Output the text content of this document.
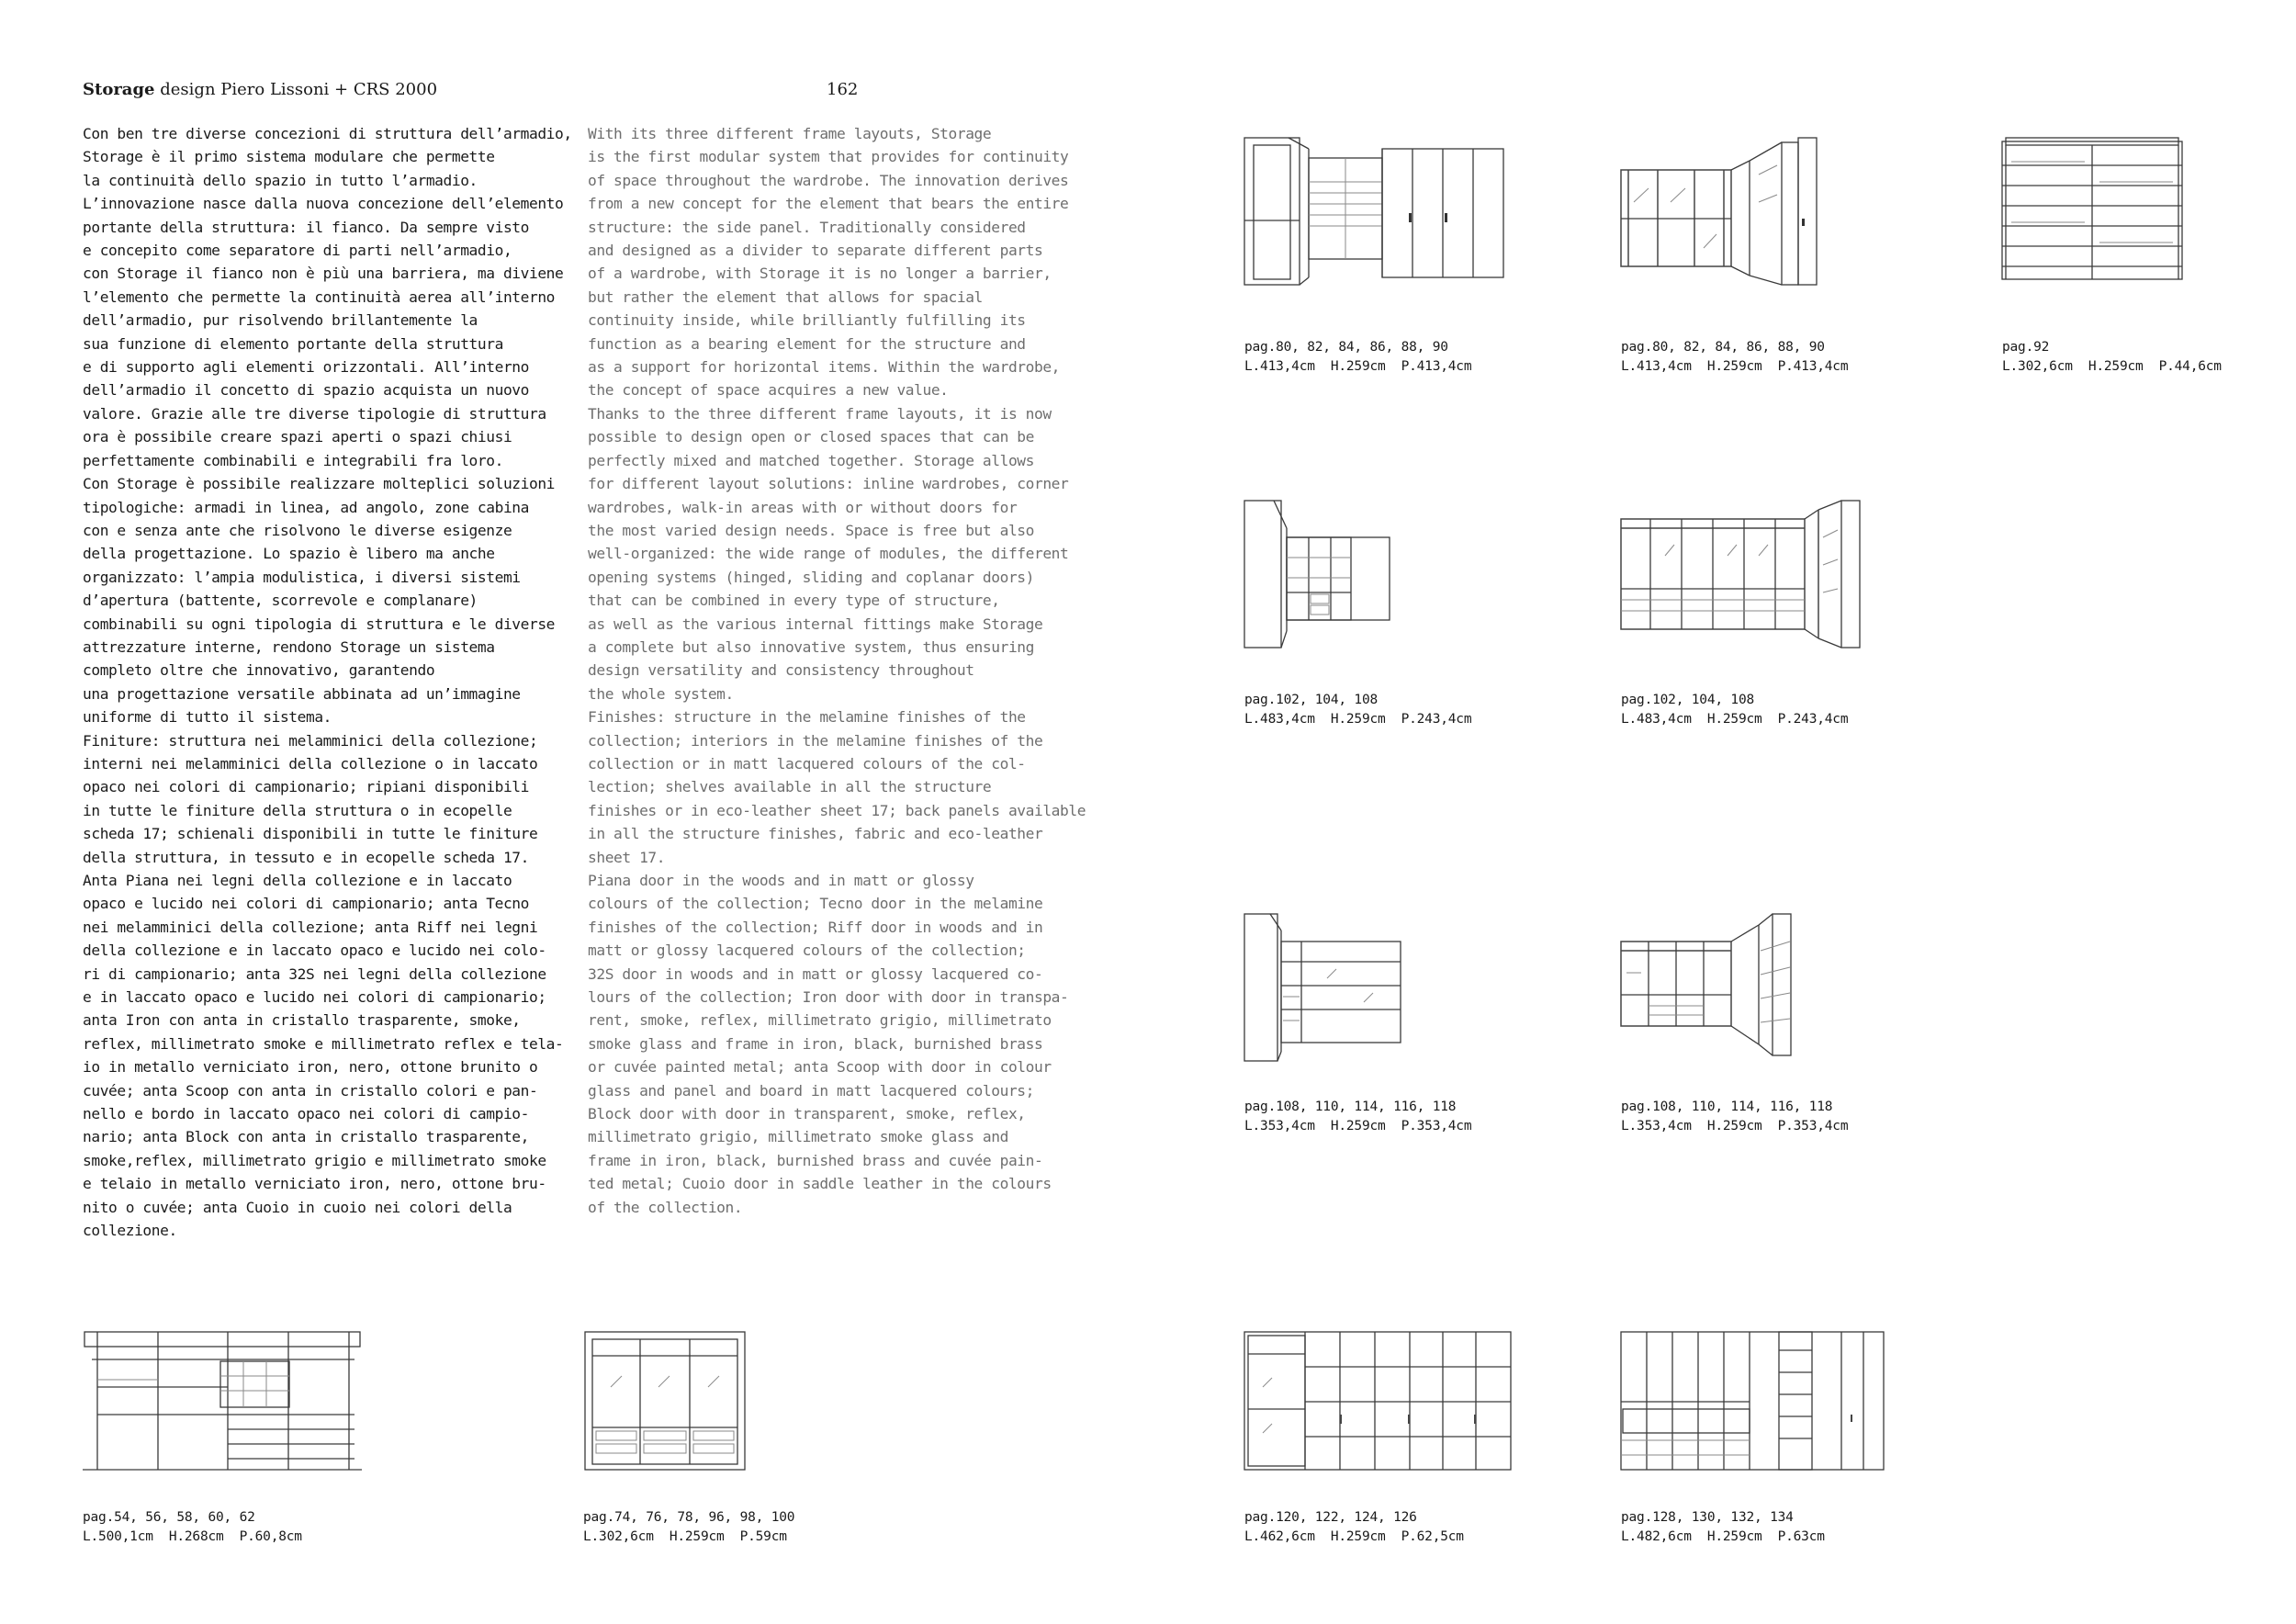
Storage design Piero Lissoni + CRS 2000	162
Con ben tre diverse concezioni di struttura dell’armadio,
Storage è il primo sistema modulare che permette
la continuità dello spazio in tutto l’armadio.
L’innovazione nasce dalla nuova concezione dell’elemento
portante della struttura: il fianco. Da sempre visto
e concepito come separatore di parti nell’armadio,
con Storage il fianco non è più una barriera, ma diviene
l’elemento che permette la continuità aerea all’interno
dell’armadio, pur risolvendo brillantemente la
sua funzione di elemento portante della struttura
e di supporto agli elementi orizzontali. All’interno
dell’armadio il concetto di spazio acquista un nuovo
valore. Grazie alle tre diverse tipologie di struttura
ora è possibile creare spazi aperti o spazi chiusi
perfettamente combinabili e integrabili fra loro.
Con Storage è possibile realizzare molteplici soluzioni
tipologiche: armadi in linea, ad angolo, zone cabina
con e senza ante che risolvono le diverse esigenze
della progettazione. Lo spazio è libero ma anche
organizzato: l’ampia modulistica, i diversi sistemi
d’apertura (battente, scorrevole e complanare)
combinabili su ogni tipologia di struttura e le diverse
attrezzature interne, rendono Storage un sistema
completo oltre che innovativo, garantendo
una progettazione versatile abbinata ad un’immagine
uniforme di tutto il sistema.
Finiture: struttura nei melamminici della collezione;
interni nei melamminici della collezione o in laccato
opaco nei colori di campionario; ripiani disponibili
in tutte le finiture della struttura o in ecopelle
scheda 17; schienali disponibili in tutte le finiture
della struttura, in tessuto e in ecopelle scheda 17.
Anta Piana nei legni della collezione e in laccato
opaco e lucido nei colori di campionario; anta Tecno
nei melamminici della collezione; anta Riff nei legni
della collezione e in laccato opaco e lucido nei colo-
ri di campionario; anta 32S nei legni della collezione
e in laccato opaco e lucido nei colori di campionario;
anta Iron con anta in cristallo trasparente, smoke,
reflex, millimetrato smoke e millimetrato reflex e tela-
io in metallo verniciato iron, nero, ottone brunito o
cuvée; anta Scoop con anta in cristallo colori e pan-
nello e bordo in laccato opaco nei colori di campio-
nario; anta Block con anta in cristallo trasparente,
smoke,reflex, millimetrato grigio e millimetrato smoke
e telaio in metallo verniciato iron, nero, ottone bru-
nito o cuvée; anta Cuoio in cuoio nei colori della
collezione.
With its three different frame layouts, Storage
is the first modular system that provides for continuity
of space throughout the wardrobe. The innovation derives
from a new concept for the element that bears the entire
structure: the side panel. Traditionally considered
and designed as a divider to separate different parts
of a wardrobe, with Storage it is no longer a barrier,
but rather the element that allows for spacial
continuity inside, while brilliantly fulfilling its
function as a bearing element for the structure and
as a support for horizontal items. Within the wardrobe,
the concept of space acquires a new value.
Thanks to the three different frame layouts, it is now
possible to design open or closed spaces that can be
perfectly mixed and matched together. Storage allows
for different layout solutions: inline wardrobes, corner
wardrobes, walk-in areas with or without doors for
the most varied design needs. Space is free but also
well-organized: the wide range of modules, the different
opening systems (hinged, sliding and coplanar doors)
that can be combined in every type of structure,
as well as the various internal fittings make Storage
a complete but also innovative system, thus ensuring
design versatility and consistency throughout
the whole system.
Finishes: structure in the melamine finishes of the
collection; interiors in the melamine finishes of the
collection or in matt lacquered colours of the col-
lection; shelves available in all the structure
finishes or in eco-leather sheet 17; back panels available
in all the structure finishes, fabric and eco-leather
sheet 17.
Piana door in the woods and in matt or glossy
colours of the collection; Tecno door in the melamine
finishes of the collection; Riff door in woods and in
matt or glossy lacquered colours of the collection;
32S door in woods and in matt or glossy lacquered co-
lours of the collection; Iron door with door in transpa-
rent, smoke, reflex, millimetrato grigio, millimetrato
smoke glass and frame in iron, black, burnished brass
or cuvée painted metal; anta Scoop with door in colour
glass and panel and board in matt lacquered colours;
Block door with door in transparent, smoke, reflex,
millimetrato grigio, millimetrato smoke glass and
frame in iron, black, burnished brass and cuvée pain-
ted metal; Cuoio door in saddle leather in the colours
of the collection.
pag.80, 82, 84, 86, 88, 90
L.413,4cm  H.259cm  P.413,4cm
pag.80, 82, 84, 86, 88, 90
L.413,4cm  H.259cm  P.413,4cm
pag.92
L.302,6cm  H.259cm  P.44,6cm
pag.102, 104, 108
L.483,4cm  H.259cm  P.243,4cm
pag.102, 104, 108
L.483,4cm  H.259cm  P.243,4cm
pag.108, 110, 114, 116, 118
L.353,4cm  H.259cm  P.353,4cm
pag.108, 110, 114, 116, 118
L.353,4cm  H.259cm  P.353,4cm
pag.54, 56, 58, 60, 62
L.500,1cm  H.268cm  P.60,8cm
pag.74, 76, 78, 96, 98, 100
L.302,6cm  H.259cm  P.59cm
pag.120, 122, 124, 126
L.462,6cm  H.259cm  P.62,5cm
pag.128, 130, 132, 134
L.482,6cm  H.259cm  P.63cm
